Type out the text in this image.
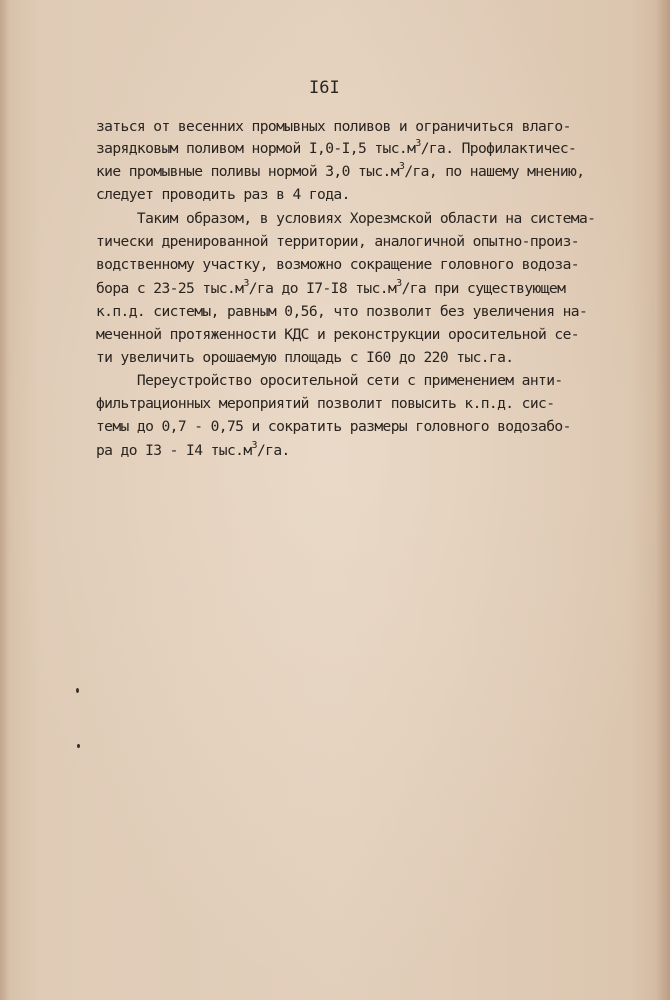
I6I
заться от весенних промывных поливов и ограничиться влаго-
зарядковым поливом нормой I,0-I,5 $тыс.м^3/га$. Профилактичес-
кие промывные поливы нормой 3,0 $тыс.м^3/га$, по нашему мнению,
следует проводить раз в 4 года.
Таким образом, в условиях Хорезмской области на система-
тически дренированной территории, аналогичной опытно-произ-
водственному участку, возможно сокращение головного водоза-
бора с 23-25 $тыс.м^3/га$ до I7-I8 $тыс.м^3/га$ при существующем
к.п.д. системы, равным 0,56, что позволит без увеличения на-
меченной протяженности КДС и реконструкции оросительной се-
ти увеличить орошаемую площадь с I60 до 220 тыс.га.
Переустройство оросительной сети с применением анти-
фильтрационных мероприятий позволит повысить к.п.д. сис-
темы до 0,7 - 0,75 и сократить размеры головного водозабо-
ра до I3 - I4 $тыс.м^3/га$.
